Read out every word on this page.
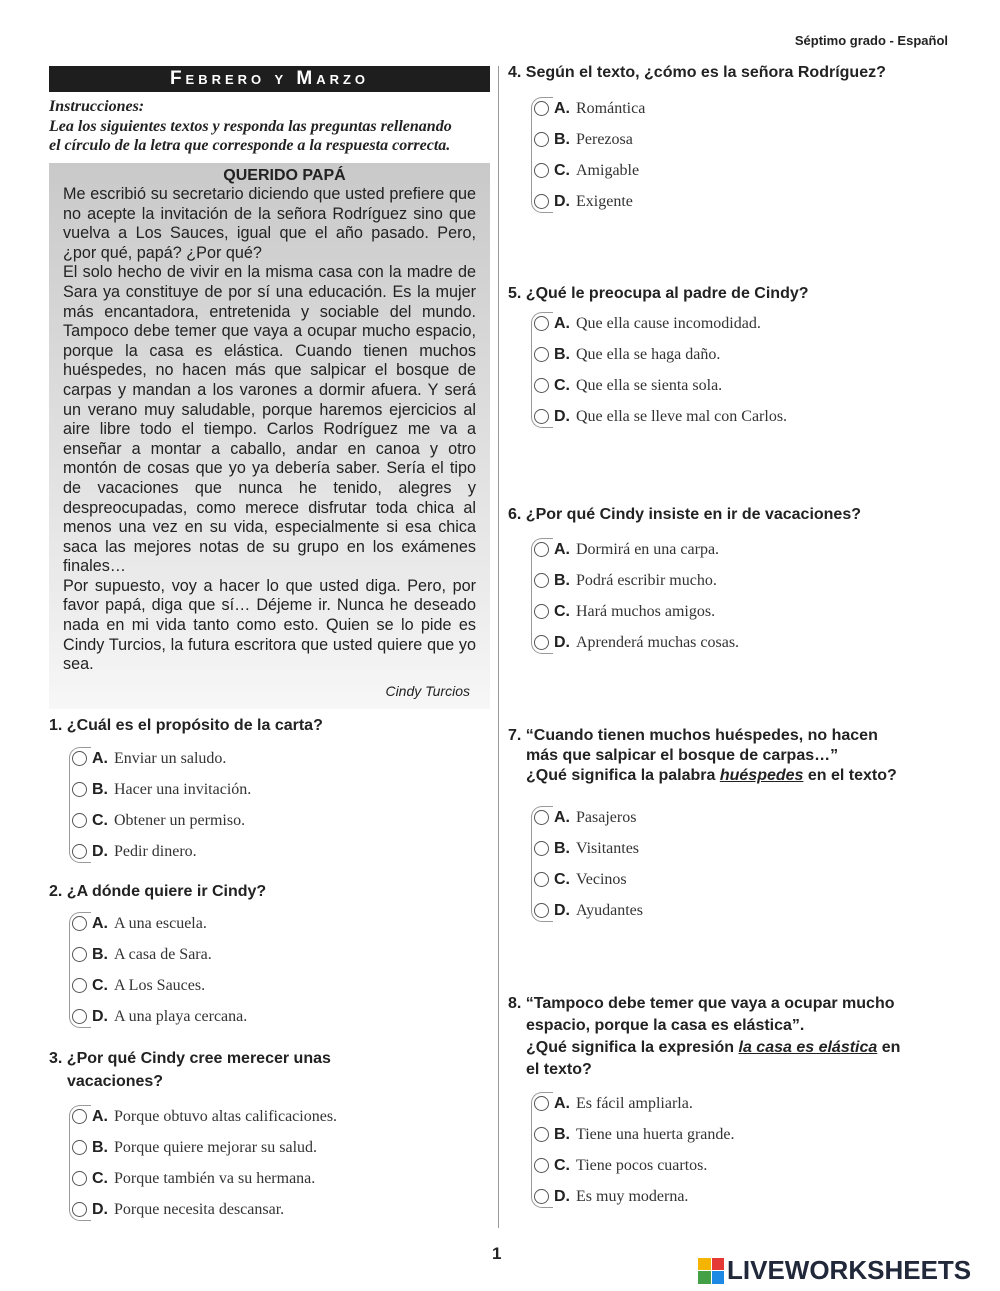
Séptimo grado - Español
Febrero y Marzo
Instrucciones:
Lea los siguientes textos y responda las preguntas rellenando
el círculo de la letra que corresponde a la respuesta correcta.
QUERIDO PAPÁ

Me escribió su secretario diciendo que usted prefiere que no acepte la invitación de la señora Rodríguez sino que vuelva a Los Sauces, igual que el año pasado. Pero, ¿por qué, papá? ¿Por qué?

El solo hecho de vivir en la misma casa con la madre de Sara ya constituye de por sí una educación. Es la mujer más encantadora, entretenida y sociable del mundo. Tampoco debe temer que vaya a ocupar mucho espacio, porque la casa es elástica. Cuando tienen muchos huéspedes, no hacen más que salpicar el bosque de carpas y mandan a los varones a dormir afuera. Y será un verano muy saludable, porque haremos ejercicios al aire libre todo el tiempo. Carlos Rodríguez me va a enseñar a montar a caballo, andar en canoa y otro montón de cosas que yo ya debería saber. Sería el tipo de vacaciones que nunca he tenido, alegres y despreocupadas, como merece disfrutar toda chica al menos una vez en su vida, especialmente si esa chica saca las mejores notas de su grupo en los exámenes finales…

Por supuesto, voy a hacer lo que usted diga. Pero, por favor papá, diga que sí… Déjeme ir. Nunca he deseado nada en mi vida tanto como esto. Quien se lo pide es Cindy Turcios, la futura escritora que usted quiere que yo sea.

Cindy Turcios
1. ¿Cuál es el propósito de la carta?
A. Enviar un saludo.
B. Hacer una invitación.
C. Obtener un permiso.
D. Pedir dinero.
2. ¿A dónde quiere ir Cindy?
A. A una escuela.
B. A casa de Sara.
C. A Los Sauces.
D. A una playa cercana.
3. ¿Por qué Cindy cree merecer unas
vacaciones?
A. Porque obtuvo altas calificaciones.
B. Porque quiere mejorar su salud.
C. Porque también va su hermana.
D. Porque necesita descansar.
4. Según el texto, ¿cómo es la señora Rodríguez?
A. Romántica
B. Perezosa
C. Amigable
D. Exigente
5. ¿Qué le preocupa al padre de Cindy?
A. Que ella cause incomodidad.
B. Que ella se haga daño.
C. Que ella se sienta sola.
D. Que ella se lleve mal con Carlos.
6. ¿Por qué Cindy insiste en ir de vacaciones?
A. Dormirá en una carpa.
B. Podrá escribir mucho.
C. Hará muchos amigos.
D. Aprenderá muchas cosas.
7. “Cuando tienen muchos huéspedes, no hacen
más que salpicar el bosque de carpas…”
¿Qué significa la palabra huéspedes en el texto?
A. Pasajeros
B. Visitantes
C. Vecinos
D. Ayudantes
8. “Tampoco debe temer que vaya a ocupar mucho
espacio, porque la casa es elástica”.
¿Qué significa la expresión la casa es elástica en
el texto?
A. Es fácil ampliarla.
B. Tiene una huerta grande.
C. Tiene pocos cuartos.
D. Es muy moderna.
1
LIVEWORKSHEETS
